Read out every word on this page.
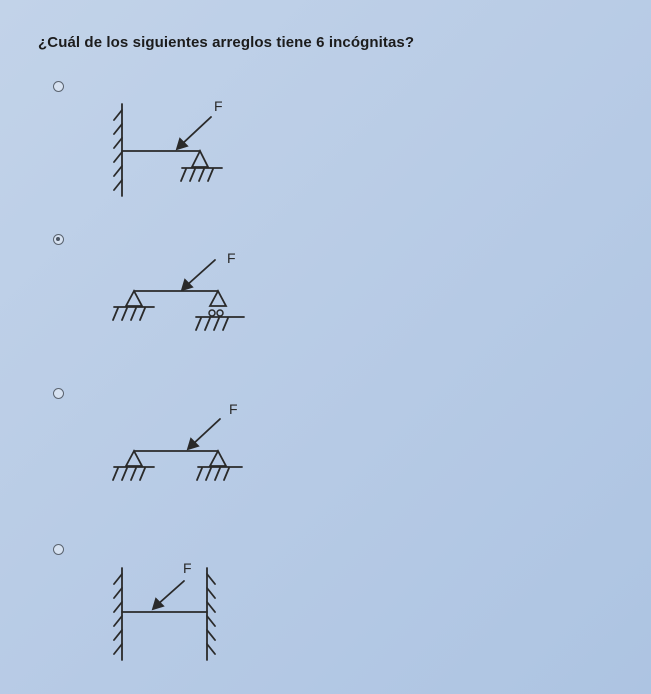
¿Cuál de los siguientes arreglos tiene 6 incógnitas?
F
F
F
F
